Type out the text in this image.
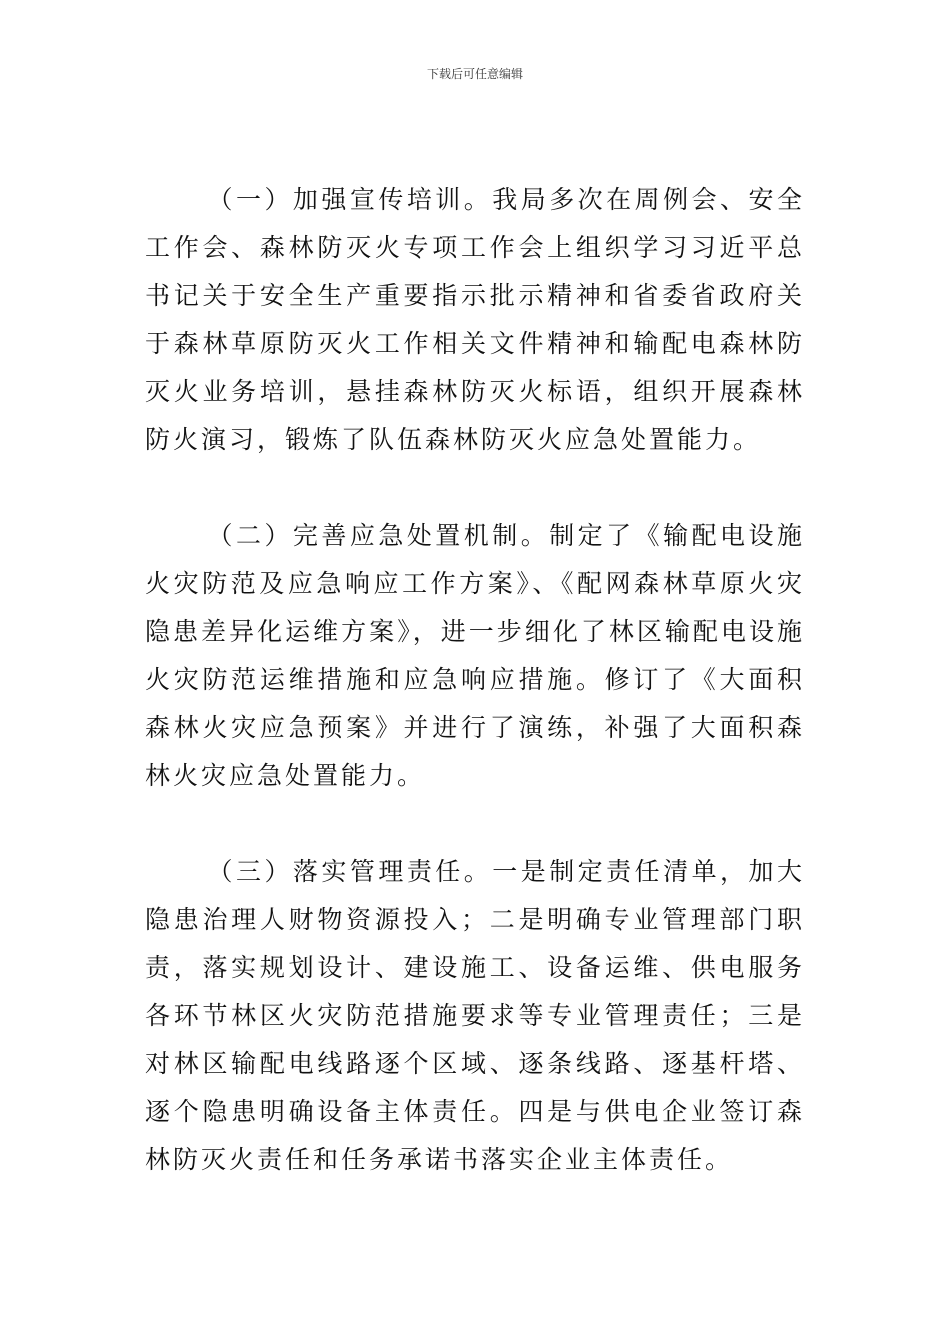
下载后可任意编辑

（一）加强宣传培训。我局多次在周例会、安全工作会、森林防灭火专项工作会上组织学习习近平总书记关于安全生产重要指示批示精神和省委省政府关于森林草原防灭火工作相关文件精神和输配电森林防灭火业务培训，悬挂森林防灭火标语，组织开展森林防火演习，锻炼了队伍森林防灭火应急处置能力。

（二）完善应急处置机制。制定了《输配电设施火灾防范及应急响应工作方案》、《配网森林草原火灾隐患差异化运维方案》，进一步细化了林区输配电设施火灾防范运维措施和应急响应措施。修订了《大面积森林火灾应急预案》并进行了演练，补强了大面积森林火灾应急处置能力。

（三）落实管理责任。一是制定责任清单，加大隐患治理人财物资源投入；二是明确专业管理部门职责，落实规划设计、建设施工、设备运维、供电服务各环节林区火灾防范措施要求等专业管理责任；三是对林区输配电线路逐个区域、逐条线路、逐基杆塔、逐个隐患明确设备主体责任。四是与供电企业签订森林防灭火责任和任务承诺书落实企业主体责任。
